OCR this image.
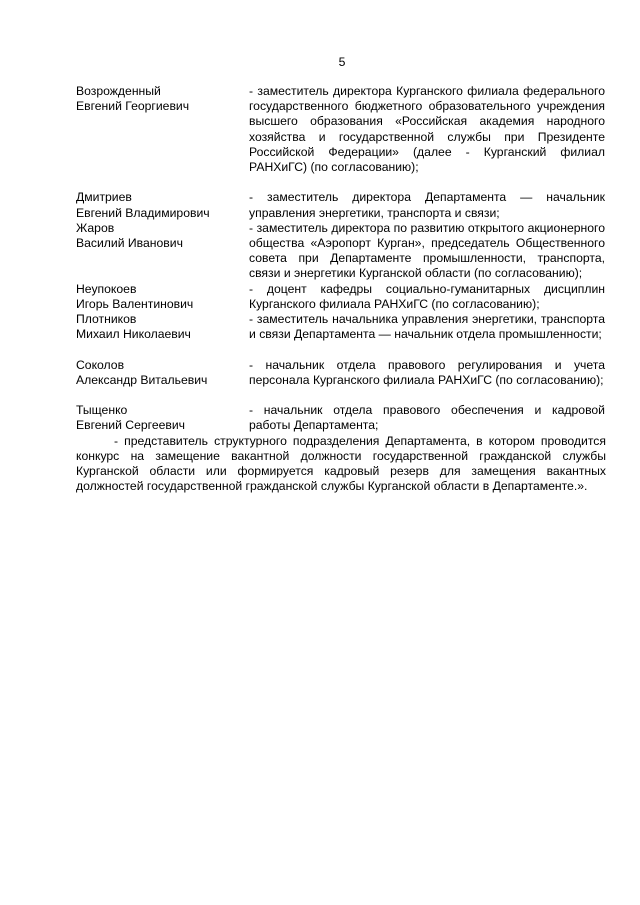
5
Возрожденный
Евгений Георгиевич
- заместитель директора Курганского филиала федерального государственного бюджетного образовательного учреждения высшего образования «Российская академия народного хозяйства и государственной службы при Президенте Российской Федерации» (далее - Курганский филиал РАНХиГС) (по согласованию);
Дмитриев
Евгений Владимирович
- заместитель директора Департамента — начальник управления энергетики, транспорта и связи;
Жаров
Василий Иванович
- заместитель директора по развитию открытого акционерного общества «Аэропорт Курган», председатель Общественного совета при Департаменте промышленности, транспорта, связи и энергетики Курганской области (по согласованию);
Неупокоев
Игорь Валентинович
- доцент кафедры социально-гуманитарных дисциплин Курганского филиала РАНХиГС (по согласованию);
Плотников
Михаил Николаевич
- заместитель начальника управления энергетики, транспорта и связи Департамента — начальник отдела промышленности;
Соколов
Александр Витальевич
- начальник отдела правового регулирования и учета персонала Курганского филиала РАНХиГС (по согласованию);
Тыщенко
Евгений Сергеевич
- начальник отдела правового обеспечения и кадровой работы Департамента;
- представитель структурного подразделения Департамента, в котором проводится конкурс на замещение вакантной должности государственной гражданской службы Курганской области или формируется кадровый резерв для замещения вакантных должностей государственной гражданской службы Курганской области в Департаменте.».
